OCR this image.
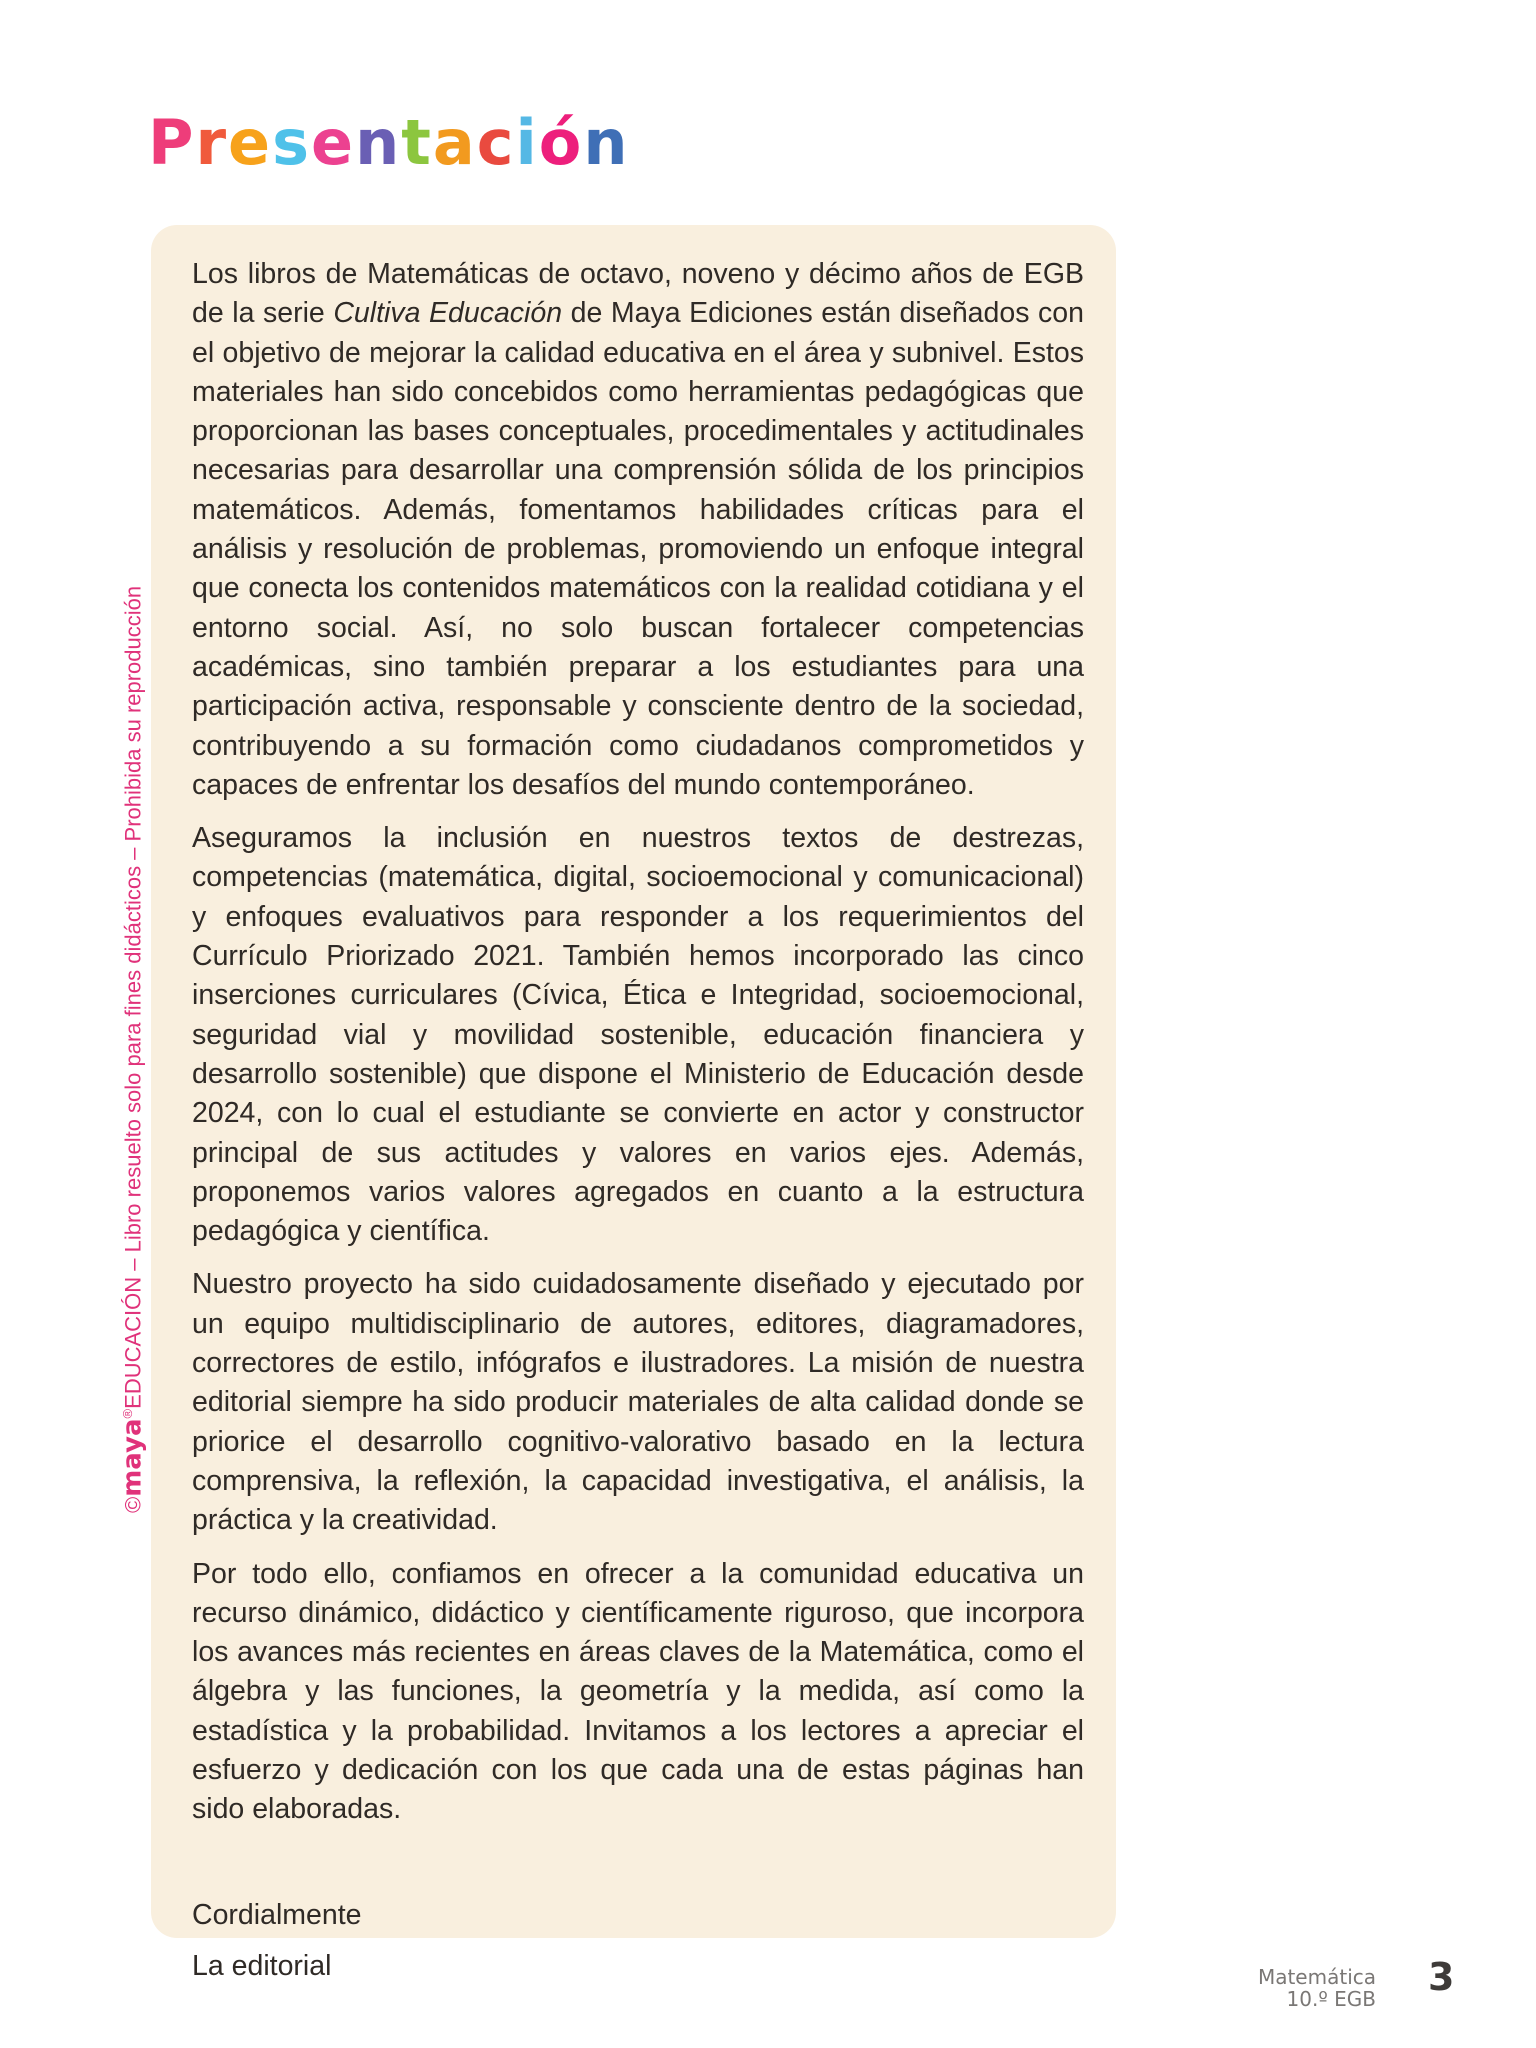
Presentación

Los libros de Matemáticas de octavo, noveno y décimo años de EGB de la serie Cultiva Educación de Maya Ediciones están diseñados con el objetivo de mejorar la calidad educativa en el área y subnivel. Estos materiales han sido concebidos como herramientas pedagógicas que proporcionan las bases conceptuales, procedimentales y actitudinales necesarias para desarrollar una comprensión sólida de los principios matemáticos. Además, fomentamos habilidades críticas para el análisis y resolución de problemas, promoviendo un enfoque integral que conecta los contenidos matemáticos con la realidad cotidiana y el entorno social. Así, no solo buscan fortalecer competencias académicas, sino también preparar a los estudiantes para una participación activa, responsable y consciente dentro de la sociedad, contribuyendo a su formación como ciudadanos comprometidos y capaces de enfrentar los desafíos del mundo contemporáneo.

Aseguramos la inclusión en nuestros textos de destrezas, competencias (matemática, digital, socioemocional y comunicacional) y enfoques evaluativos para responder a los requerimientos del Currículo Priorizado 2021. También hemos incorporado las cinco inserciones curriculares (Cívica, Ética e Integridad, socioemocional, seguridad vial y movilidad sostenible, educación financiera y desarrollo sostenible) que dispone el Ministerio de Educación desde 2024, con lo cual el estudiante se convierte en actor y constructor principal de sus actitudes y valores en varios ejes. Además, proponemos varios valores agregados en cuanto a la estructura pedagógica y científica.

Nuestro proyecto ha sido cuidadosamente diseñado y ejecutado por un equipo multidisciplinario de autores, editores, diagramadores, correctores de estilo, infógrafos e ilustradores. La misión de nuestra editorial siempre ha sido producir materiales de alta calidad donde se priorice el desarrollo cognitivo-valorativo basado en la lectura comprensiva, la reflexión, la capacidad investigativa, el análisis, la práctica y la creatividad.

Por todo ello, confiamos en ofrecer a la comunidad educativa un recurso dinámico, didáctico y científicamente riguroso, que incorpora los avances más recientes en áreas claves de la Matemática, como el álgebra y las funciones, la geometría y la medida, así como la estadística y la probabilidad. Invitamos a los lectores a apreciar el esfuerzo y dedicación con los que cada una de estas páginas han sido elaboradas.

Cordialmente

La editorial

©maya®EDUCACIÓN – Libro resuelto solo para fines didácticos – Prohibida su reproducción
Matemática
10.º EGB 3
